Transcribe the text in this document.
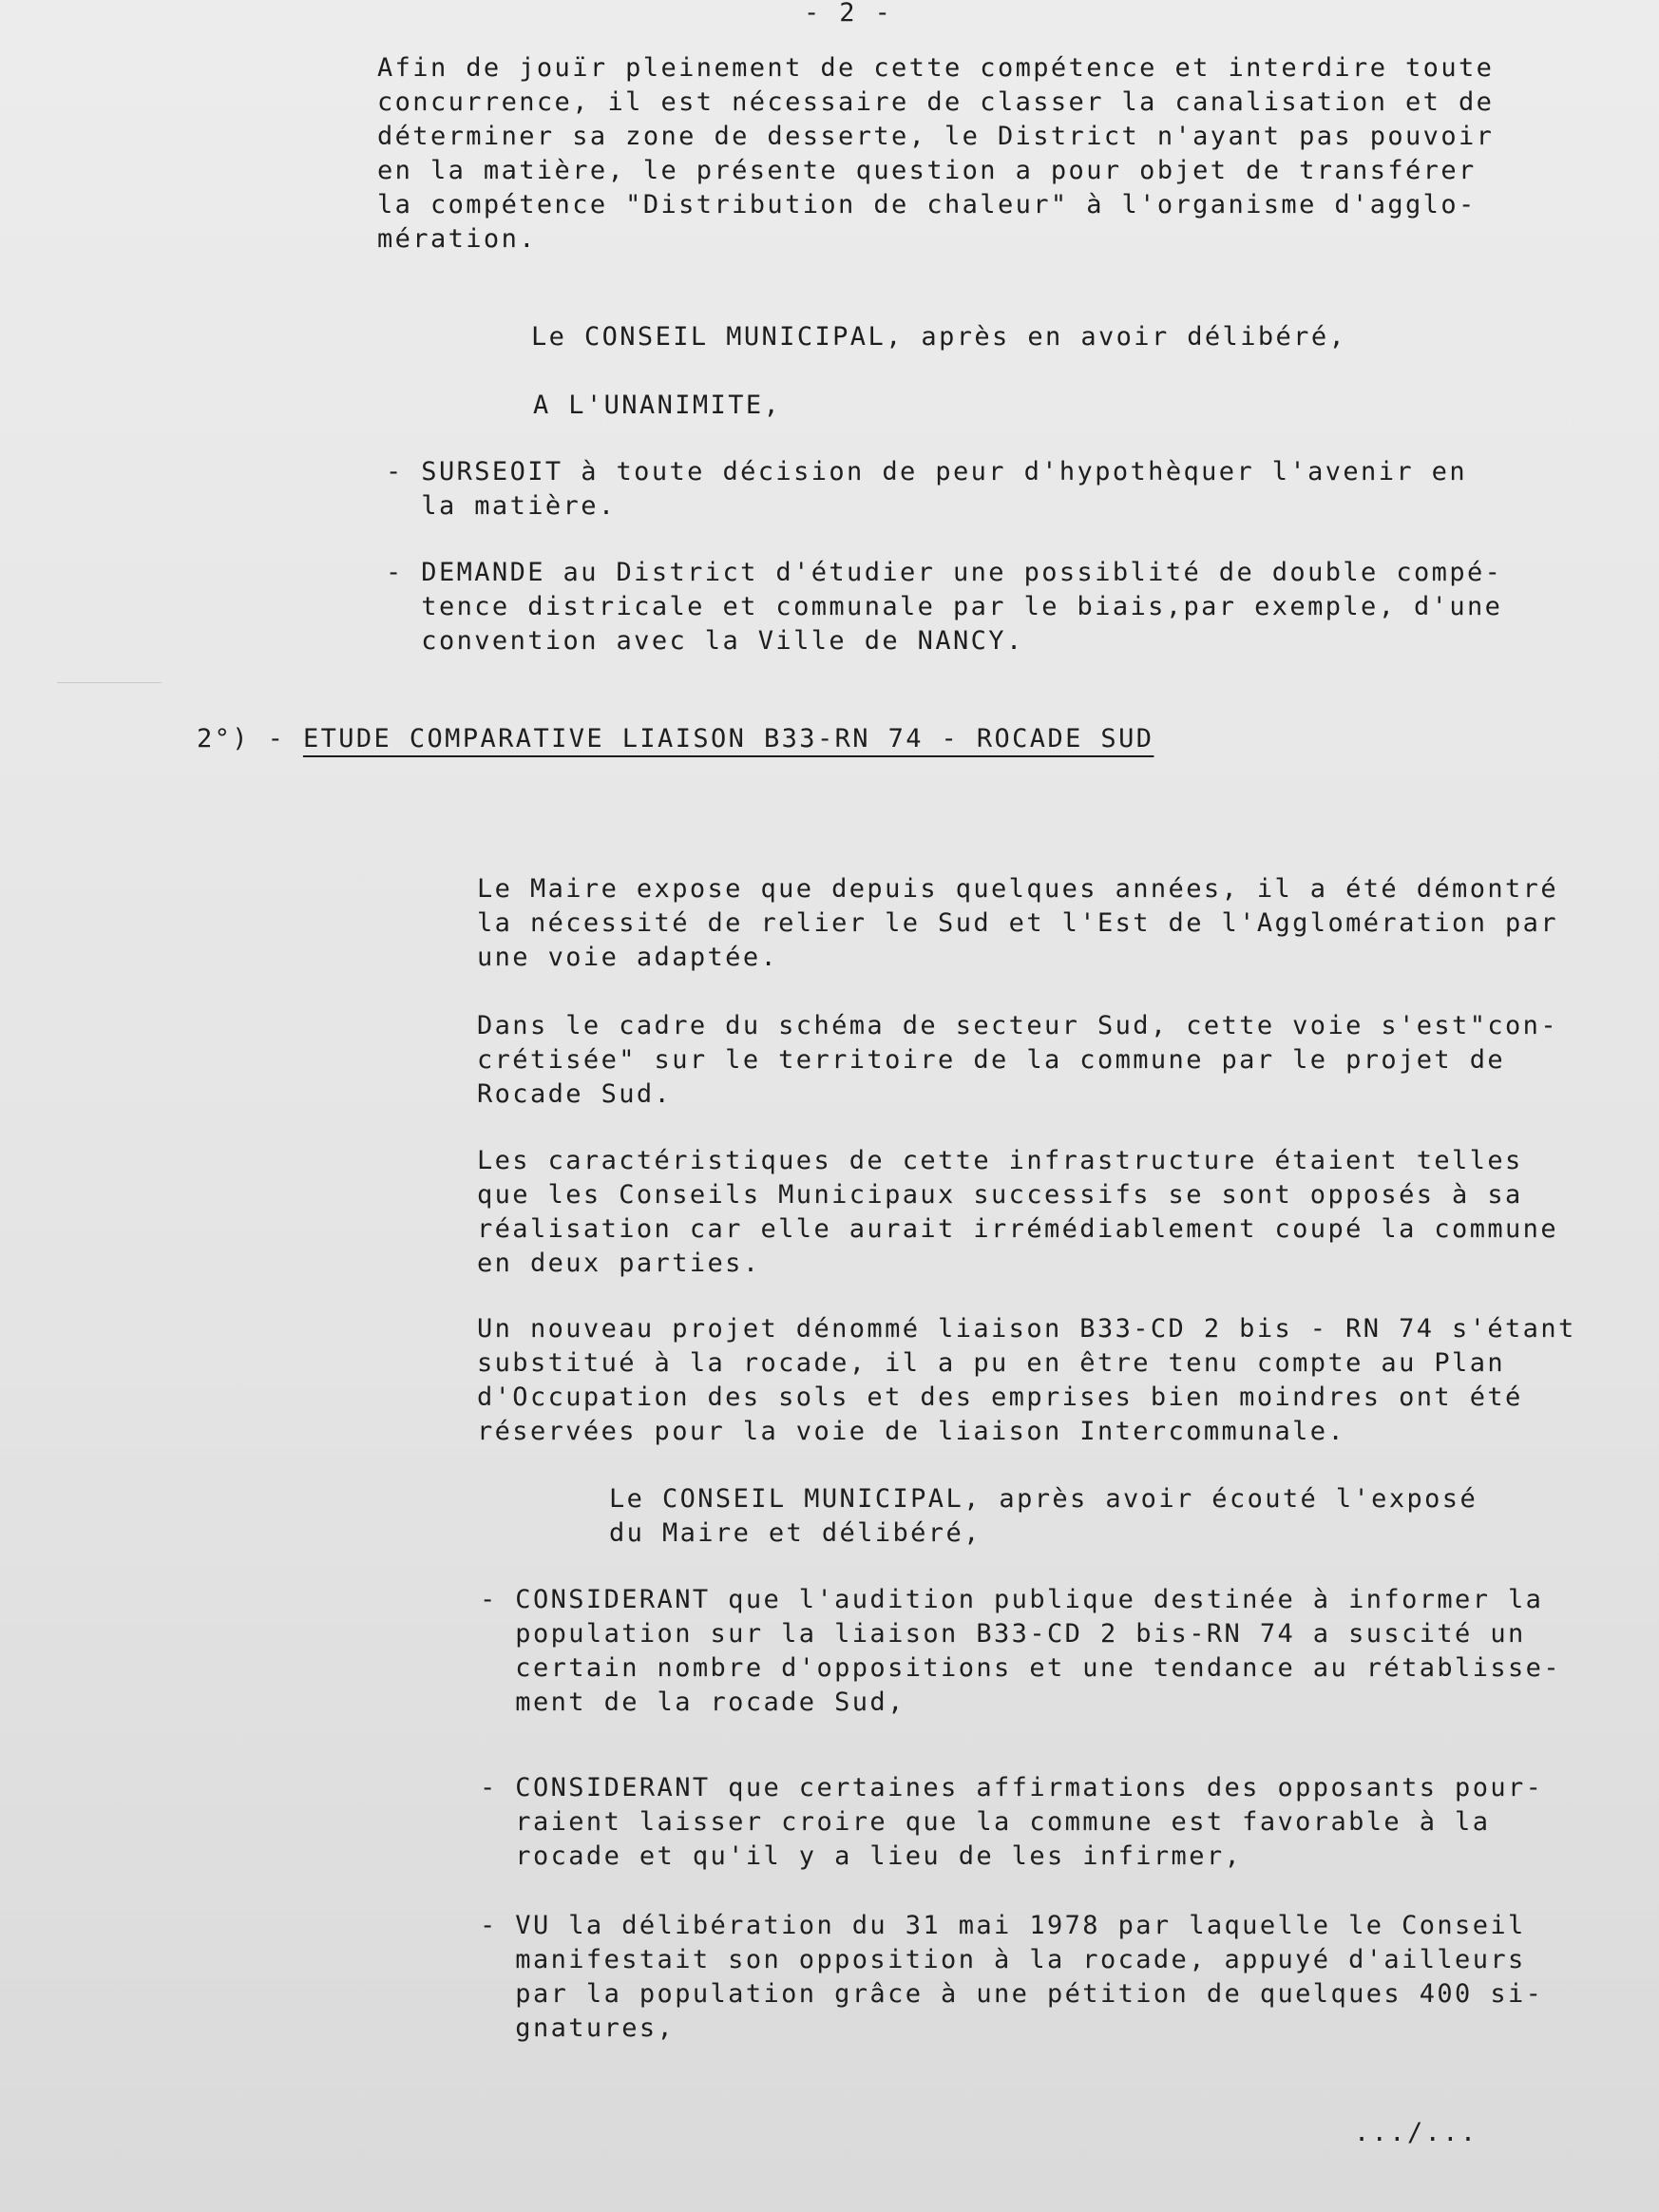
- 2 -

Afin de jouïr pleinement de cette compétence et interdire toute

concurrence, il est nécessaire de classer la canalisation et de

déterminer sa zone de desserte, le District n'ayant pas pouvoir

en la matière, le présente question a pour objet de transférer

la compétence "Distribution de chaleur" à l'organisme d'agglo-

mération.

Le CONSEIL MUNICIPAL, après en avoir délibéré,

A L'UNANIMITE,

- SURSEOIT à toute décision de peur d'hypothèquer l'avenir en

la matière.

- DEMANDE au District d'étudier une possiblité de double compé-

tence districale et communale par le biais,par exemple, d'une

convention avec la Ville de NANCY.

2°) - ETUDE COMPARATIVE LIAISON B33-RN 74 - ROCADE SUD

Le Maire expose que depuis quelques années, il a été démontré

la nécessité de relier le Sud et l'Est de l'Agglomération par

une voie adaptée.

Dans le cadre du schéma de secteur Sud, cette voie s'est"con-

crétisée" sur le territoire de la commune par le projet de

Rocade Sud.

Les caractéristiques de cette infrastructure étaient telles

que les Conseils Municipaux successifs se sont opposés à sa

réalisation car elle aurait irrémédiablement coupé la commune

en deux parties.

Un nouveau projet dénommé liaison B33-CD 2 bis - RN 74 s'étant

substitué à la rocade, il a pu en être tenu compte au Plan

d'Occupation des sols et des emprises bien moindres ont été

réservées pour la voie de liaison Intercommunale.

Le CONSEIL MUNICIPAL, après avoir écouté l'exposé

du Maire et délibéré,

- CONSIDERANT que l'audition publique destinée à informer la

population sur la liaison B33-CD 2 bis-RN 74 a suscité un

certain nombre d'oppositions et une tendance au rétablisse-

ment de la rocade Sud,

- CONSIDERANT que certaines affirmations des opposants pour-

raient laisser croire que la commune est favorable à la

rocade et qu'il y a lieu de les infirmer,

- VU la délibération du 31 mai 1978 par laquelle le Conseil

manifestait son opposition à la rocade, appuyé d'ailleurs

par la population grâce à une pétition de quelques 400 si-

gnatures,

.../...
